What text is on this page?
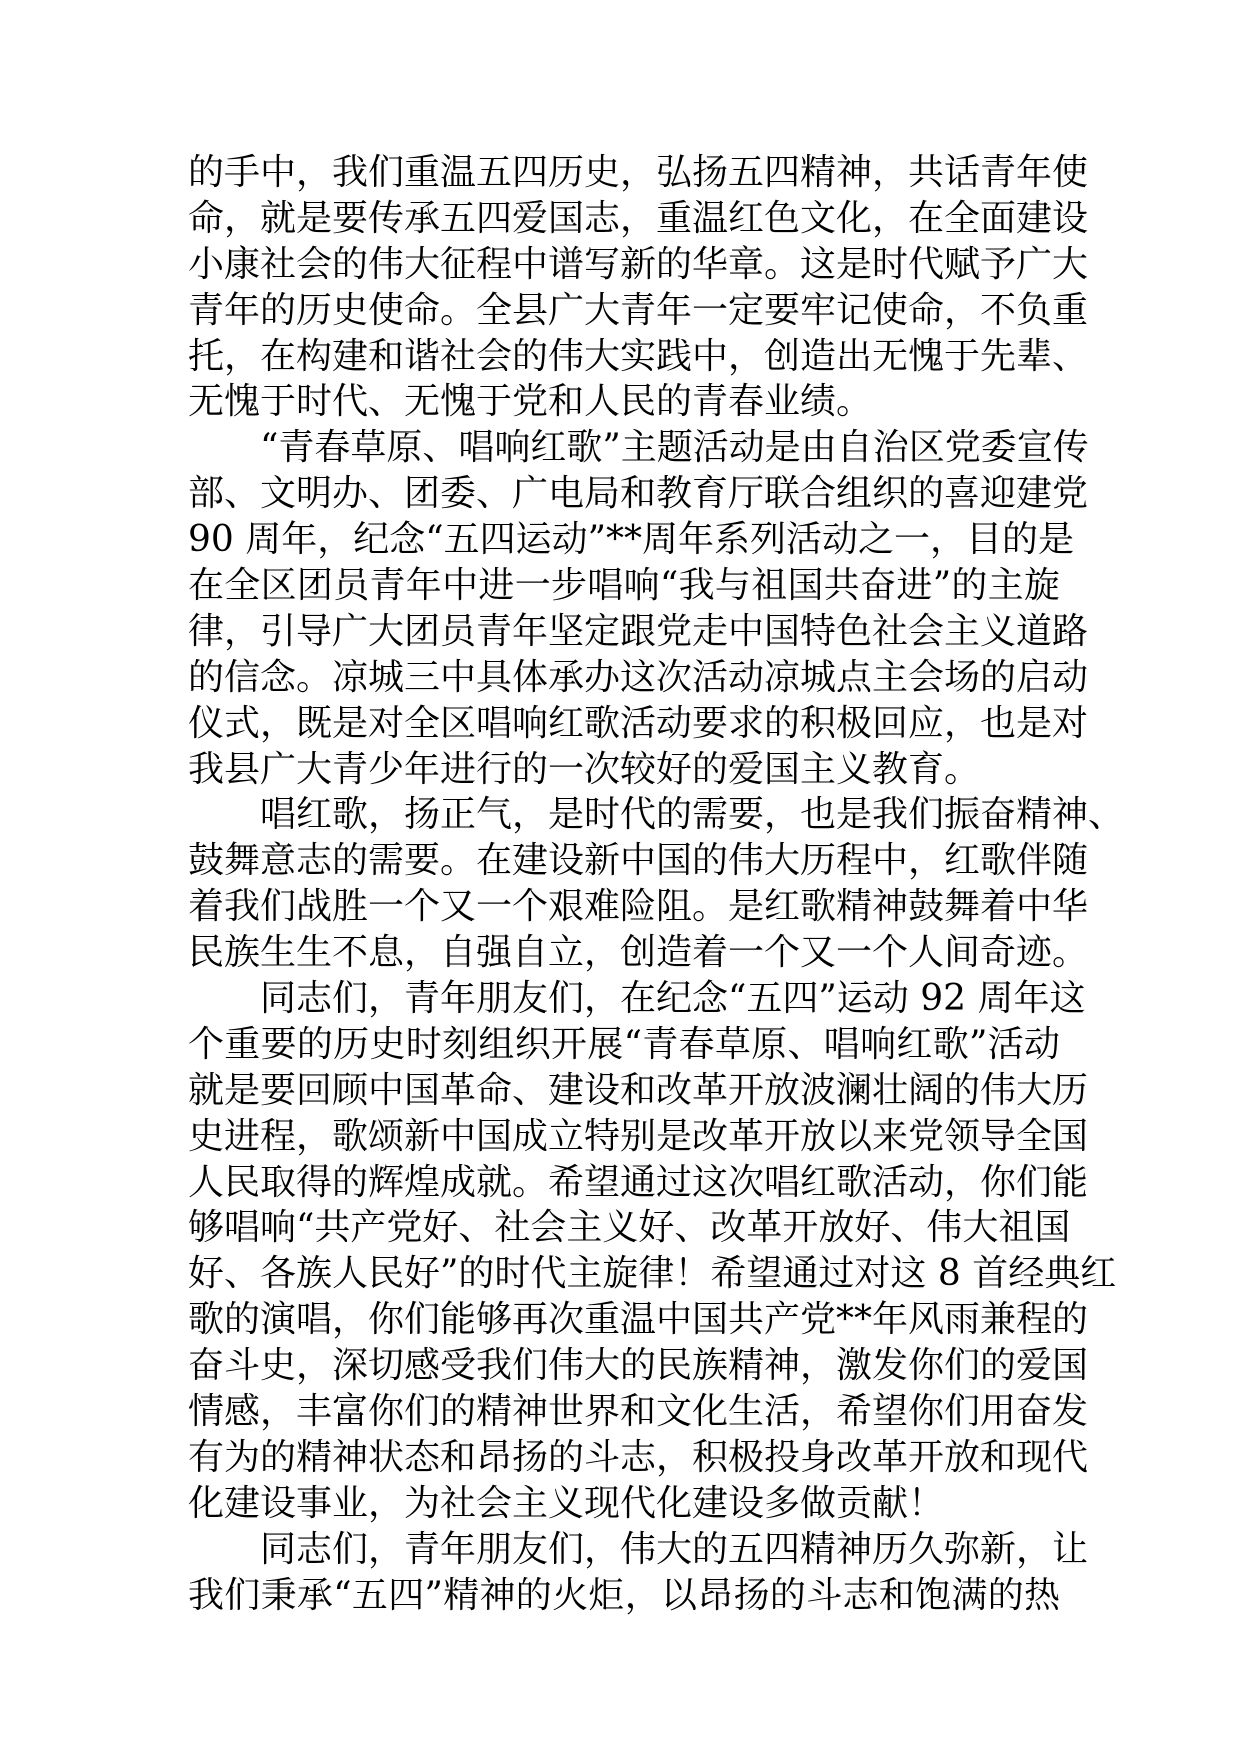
的手中，我们重温五四历史，弘扬五四精神，共话青年使
命，就是要传承五四爱国志，重温红色文化，在全面建设
小康社会的伟大征程中谱写新的华章。这是时代赋予广大
青年的历史使命。全县广大青年一定要牢记使命，不负重
托，在构建和谐社会的伟大实践中，创造出无愧于先辈、
无愧于时代、无愧于党和人民的青春业绩。
“青春草原、唱响红歌”主题活动是由自治区党委宣传
部、文明办、团委、广电局和教育厅联合组织的喜迎建党
90 周年，纪念“五四运动”**周年系列活动之一，目的是
在全区团员青年中进一步唱响“我与祖国共奋进”的主旋
律，引导广大团员青年坚定跟党走中国特色社会主义道路
的信念。凉城三中具体承办这次活动凉城点主会场的启动
仪式，既是对全区唱响红歌活动要求的积极回应，也是对
我县广大青少年进行的一次较好的爱国主义教育。
唱红歌，扬正气，是时代的需要，也是我们振奋精神、
鼓舞意志的需要。在建设新中国的伟大历程中，红歌伴随
着我们战胜一个又一个艰难险阻。是红歌精神鼓舞着中华
民族生生不息，自强自立，创造着一个又一个人间奇迹。
同志们，青年朋友们，在纪念“五四”运动 92 周年这
个重要的历史时刻组织开展“青春草原、唱响红歌”活动
就是要回顾中国革命、建设和改革开放波澜壮阔的伟大历
史进程，歌颂新中国成立特别是改革开放以来党领导全国
人民取得的辉煌成就。希望通过这次唱红歌活动，你们能
够唱响“共产党好、社会主义好、改革开放好、伟大祖国
好、各族人民好”的时代主旋律！希望通过对这 8 首经典红
歌的演唱，你们能够再次重温中国共产党**年风雨兼程的
奋斗史，深切感受我们伟大的民族精神，激发你们的爱国
情感，丰富你们的精神世界和文化生活，希望你们用奋发
有为的精神状态和昂扬的斗志，积极投身改革开放和现代
化建设事业，为社会主义现代化建设多做贡献！
同志们，青年朋友们，伟大的五四精神历久弥新，让
我们秉承“五四”精神的火炬，以昂扬的斗志和饱满的热
